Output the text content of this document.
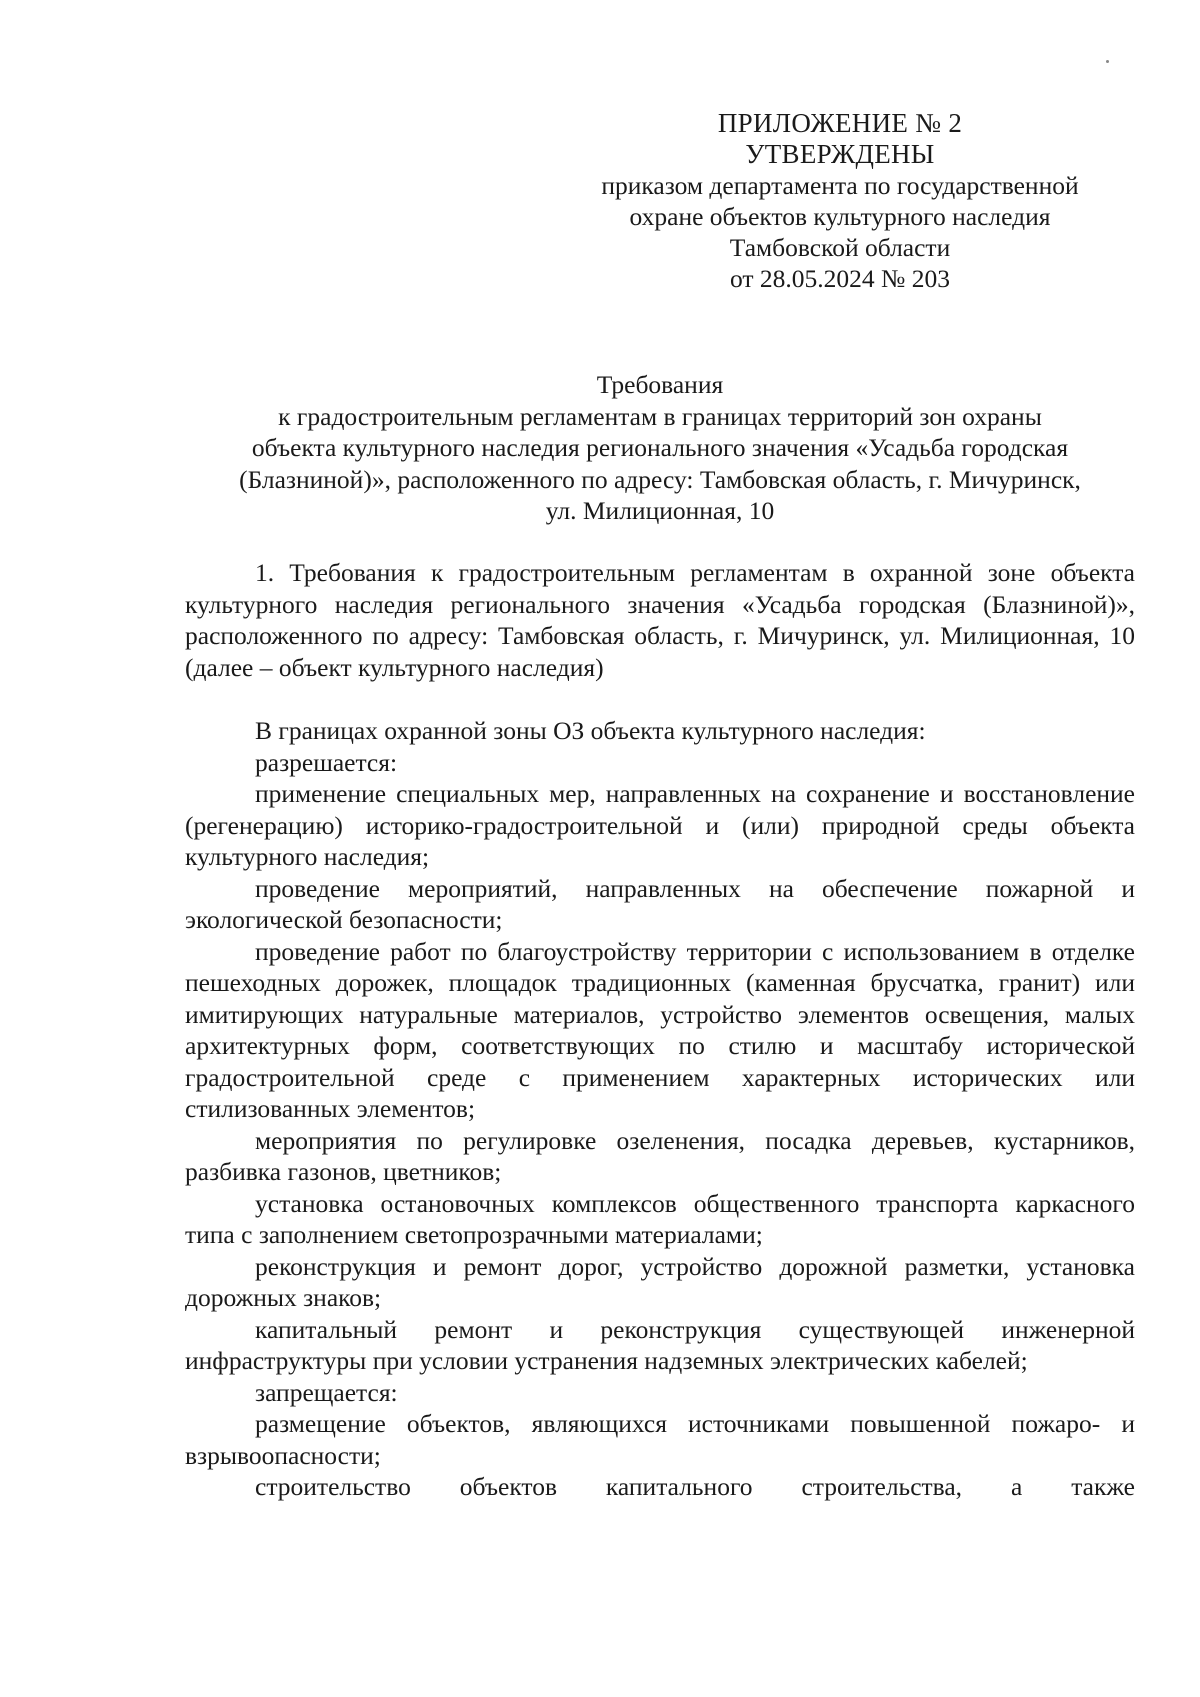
ПРИЛОЖЕНИЕ № 2
УТВЕРЖДЕНЫ
приказом департамента по государственной
охране объектов культурного наследия
Тамбовской области
от 28.05.2024 № 203
Требования
к градостроительным регламентам в границах территорий зон охраны
объекта культурного наследия регионального значения «Усадьба городская
(Блазниной)», расположенного по адресу: Тамбовская область, г. Мичуринск,
ул. Милиционная, 10

1. Требования к градостроительным регламентам в охранной зоне объекта культурного наследия регионального значения «Усадьба городская (Блазниной)», расположенного по адресу: Тамбовская область, г. Мичуринск, ул. Милиционная, 10 (далее – объект культурного наследия)

В границах охранной зоны ОЗ объекта культурного наследия:

разрешается:

применение специальных мер, направленных на сохранение и восстановление (регенерацию) историко-градостроительной и (или) природной среды объекта культурного наследия;

проведение мероприятий, направленных на обеспечение пожарной и экологической безопасности;

проведение работ по благоустройству территории с использованием в отделке пешеходных дорожек, площадок традиционных (каменная брусчатка, гранит) или имитирующих натуральные материалов, устройство элементов освещения, малых архитектурных форм, соответствующих по стилю и масштабу исторической градостроительной среде с применением характерных исторических или стилизованных элементов;

мероприятия по регулировке озеленения, посадка деревьев, кустарников, разбивка газонов, цветников;

установка остановочных комплексов общественного транспорта каркасного типа с заполнением светопрозрачными материалами;

реконструкция и ремонт дорог, устройство дорожной разметки, установка дорожных знаков;

капитальный ремонт и реконструкция существующей инженерной инфраструктуры при условии устранения надземных электрических кабелей;

запрещается:

размещение объектов, являющихся источниками повышенной пожаро- и взрывоопасности;

строительство объектов капитального строительства, а также
